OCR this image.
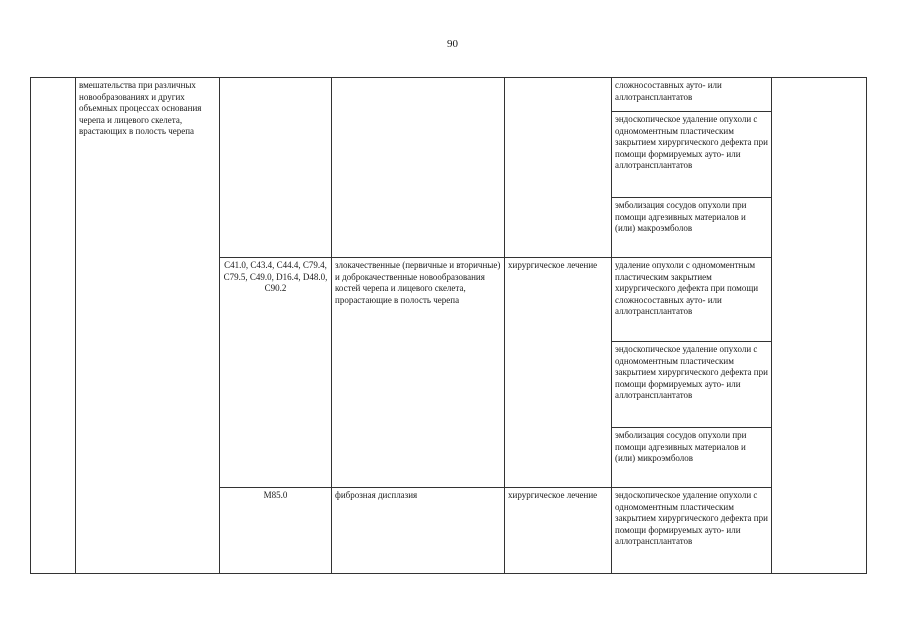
90
	вмешательства при различных новообразованиях и других объемных процессах основания черепа и лицевого скелета, врастающих в полость черепа				сложносоставных ауто- или аллотрансплантатов	
					эндоскопическое удаление опухоли с одномоментным пластическим закрытием хирургического дефекта при помощи формируемых ауто- или аллотрансплантатов	
					эмболизация сосудов опухоли при помощи адгезивных материалов и (или) макроэмболов	
		C41.0, C43.4, C44.4, C79.4, C79.5, C49.0, D16.4, D48.0, C90.2	злокачественные (первичные и вторичные) и доброкачественные новообразования костей черепа и лицевого скелета, прорастающие в полость черепа	хирургическое лечение	удаление опухоли с одномоментным пластическим закрытием хирургического дефекта при помощи сложносоставных ауто- или аллотрансплантатов	
					эндоскопическое удаление опухоли с одномоментным пластическим закрытием хирургического дефекта при помощи формируемых ауто- или аллотрансплантатов	
					эмболизация сосудов опухоли при помощи адгезивных материалов и (или) микроэмболов	
		M85.0	фиброзная дисплазия	хирургическое лечение	эндоскопическое удаление опухоли с одномоментным пластическим закрытием хирургического дефекта при помощи формируемых ауто- или аллотрансплантатов	
